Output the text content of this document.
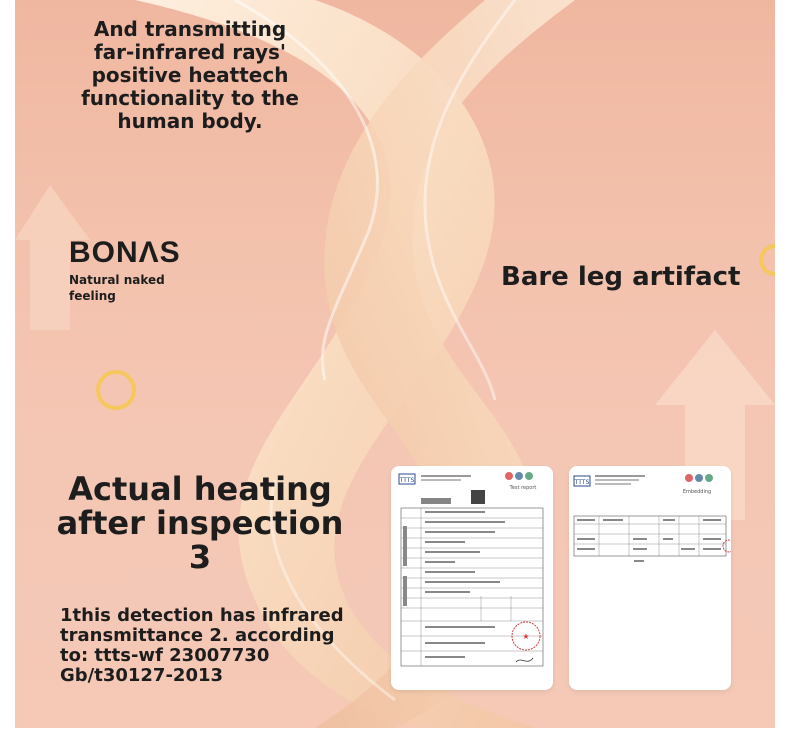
And transmitting far-infrared rays' positive heattech functionality to the human body.
BONΛS
Natural naked feeling
Bare leg artifact
Actual heating after inspection 3
1this detection has infrared transmittance 2. according to: ttts-wf 23007730 Gb/t30127-2013
TTTS
Test report
★
TTTS
Embedding
